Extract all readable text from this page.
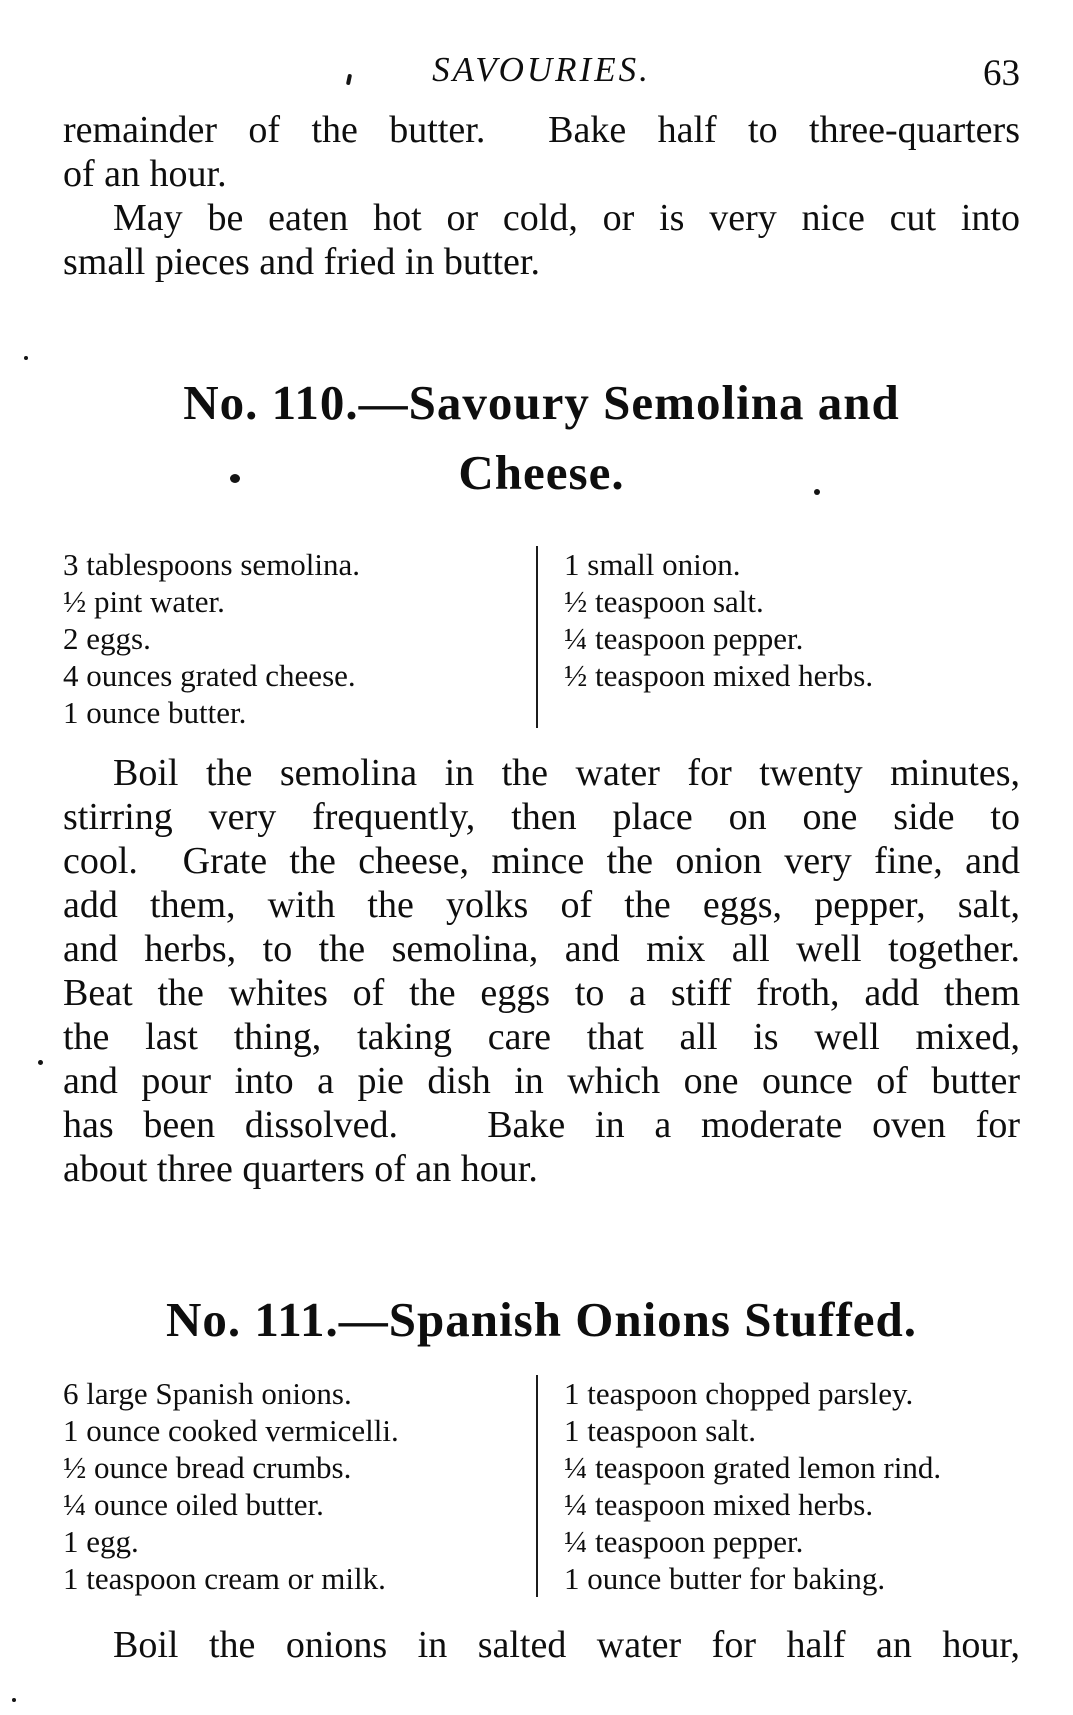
SAVOURIES.	63
remainder of the butter.  Bake half to three-quarters
of an hour.
May be eaten hot or cold, or is very nice cut into
small pieces and fried in butter.
No. 110.—Savoury Semolina and
Cheese.
3 tablespoons semolina.
½ pint water.
2 eggs.
4 ounces grated cheese.
1 ounce butter.
1 small onion.
½ teaspoon salt.
¼ teaspoon pepper.
½ teaspoon mixed herbs.
Boil the semolina in the water for twenty minutes,
stirring very frequently, then place on one side to
cool.  Grate the cheese, mince the onion very fine, and
add them, with the yolks of the eggs, pepper, salt,
and herbs, to the semolina, and mix all well together.
Beat the whites of the eggs to a stiff froth, add them
the last thing, taking care that all is well mixed,
and pour into a pie dish in which one ounce of butter
has been dissolved.   Bake in a moderate oven for
about three quarters of an hour.
No. 111.—Spanish Onions Stuffed.
6 large Spanish onions.
1 ounce cooked vermicelli.
½ ounce bread crumbs.
¼ ounce oiled butter.
1 egg.
1 teaspoon cream or milk.
1 teaspoon chopped parsley.
1 teaspoon salt.
¼ teaspoon grated lemon rind.
¼ teaspoon mixed herbs.
¼ teaspoon pepper.
1 ounce butter for baking.
Boil the onions in salted water for half an hour,
